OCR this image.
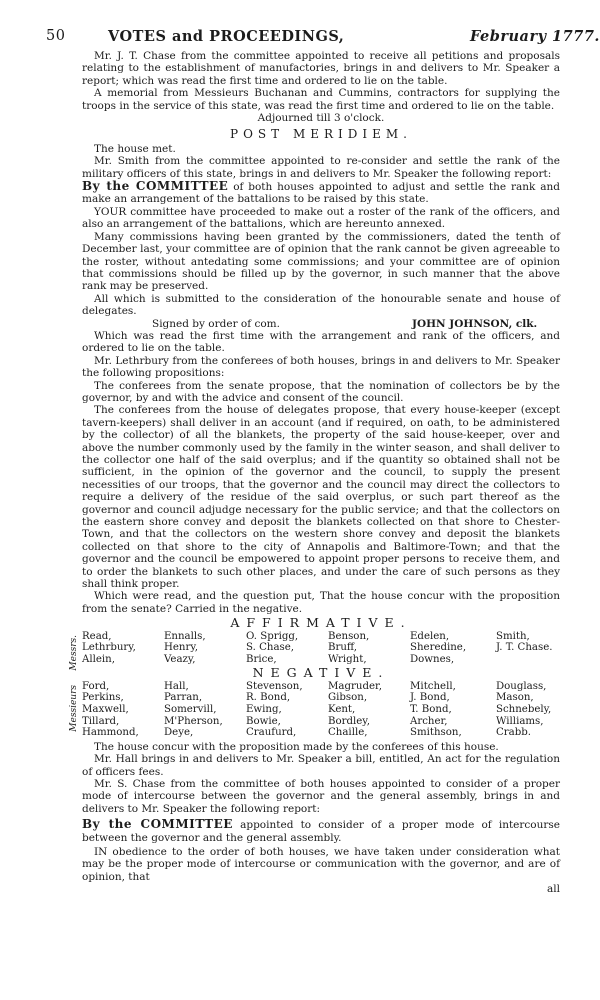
50	VOTES and PROCEEDINGS,	February 1777.

Mr. J. T. Chase from the committee appointed to receive all petitions and proposals relating to the establishment of manufactories, brings in and delivers to Mr. Speaker a report; which was read the first time and ordered to lie on the table.

A memorial from Messieurs Buchanan and Cummins, contractors for supplying the troops in the service of this state, was read the first time and ordered to lie on the table.

Adjourned till 3 o'clock.

POST MERIDIEM.

The house met.

Mr. Smith from the committee appointed to re-consider and settle the rank of the military officers of this state, brings in and delivers to Mr. Speaker the following report:

By the COMMITTEE of both houses appointed to adjust and settle the rank and make an arrangement of the battalions to be raised by this state.

YOUR committee have proceeded to make out a roster of the rank of the officers, and also an arrangement of the battalions, which are hereunto annexed.

Many commissions having been granted by the commissioners, dated the tenth of December last, your committee are of opinion that the rank cannot be given agreeable to the roster, without antedating some commissions; and your committee are of opinion that commissions should be filled up by the governor, in such manner that the above rank may be preserved.

All which is submitted to the consideration of the honourable senate and house of delegates.

Signed by order of com.	JOHN JOHNSON, clk.

Which was read the first time with the arrangement and rank of the officers, and ordered to lie on the table.

Mr. Lethrbury from the conferees of both houses, brings in and delivers to Mr. Speaker the following propositions:

The conferees from the senate propose, that the nomination of collectors be by the governor, by and with the advice and consent of the council.

The conferees from the house of delegates propose, that every house-keeper (except tavern-keepers) shall deliver in an account (and if required, on oath, to be administered by the collector) of all the blankets, the property of the said house-keeper, over and above the number commonly used by the family in the winter season, and shall deliver to the collector one half of the said overplus; and if the quantity so obtained shall not be sufficient, in the opinion of the governor and the council, to supply the present necessities of our troops, that the governor and the council may direct the collectors to require a delivery of the residue of the said overplus, or such part thereof as the governor and council adjudge necessary for the public service; and that the collectors on the eastern shore convey and deposit the blankets collected on that shore to Chester-Town, and that the collectors on the western shore convey and deposit the blankets collected on that shore to the city of Annapolis and Baltimore-Town; and that the governor and the council be empowered to appoint proper persons to receive them, and to order the blankets to such other places, and under the care of such persons as they shall think proper.

Which were read, and the question put, That the house concur with the proposition from the senate? Carried in the negative.

AFFIRMATIVE.
Messrs. Read,	Ennalls,	O. Sprigg,	Benson,	Edelen,	Smith,
Lethrbury,	Henry,	S. Chase,	Bruff,	Sheredine,	J. T. Chase.
Allein,	Veazy,	Brice,	Wright,	Downes,
NEGATIVE.
Messieurs Ford,	Hall,	Stevenson,	Magruder,	Mitchell,	Douglass,
Perkins,	Parran,	R. Bond,	Gibson,	J. Bond,	Mason,
Maxwell,	Somervill,	Ewing,	Kent,	T. Bond,	Schnebely,
Tillard,	M'Pherson,	Bowie,	Bordley,	Archer,	Williams,
Hammond,	Deye,	Craufurd,	Chaille,	Smithson,	Crabb.

The house concur with the proposition made by the conferees of this house.

Mr. Hall brings in and delivers to Mr. Speaker a bill, entitled, An act for the regulation of officers fees.

Mr. S. Chase from the committee of both houses appointed to consider of a proper mode of intercourse between the governor and the general assembly, brings in and delivers to Mr. Speaker the following report:

By the COMMITTEE appointed to consider of a proper mode of intercourse between the governor and the general assembly.

IN obedience to the order of both houses, we have taken under consideration what may be the proper mode of intercourse or communication with the governor, and are of opinion, that

all
